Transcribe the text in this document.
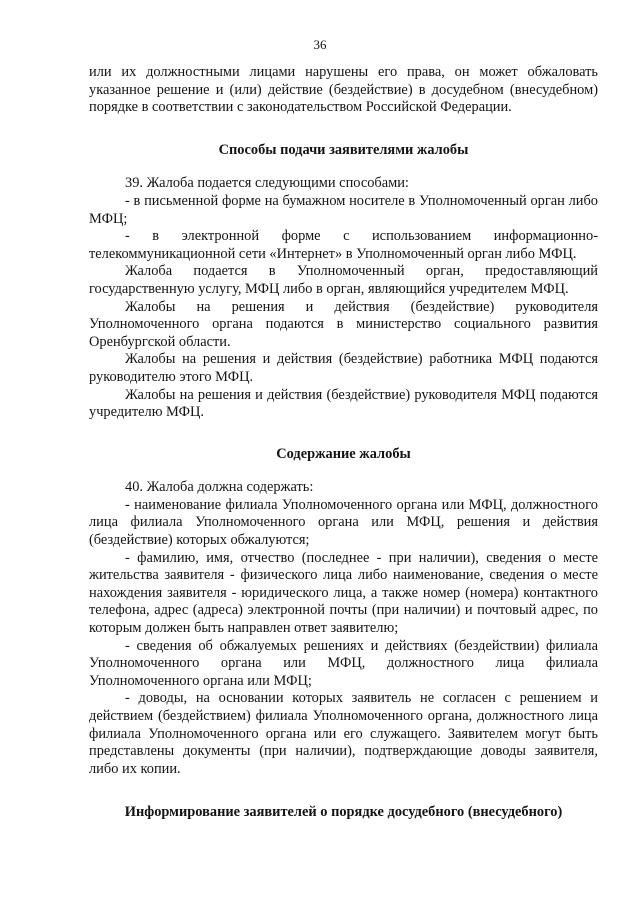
36

или их должностными лицами нарушены его права, он может обжаловать указанное решение и (или) действие (бездействие) в досудебном (внесудебном) порядке в соответствии с законодательством Российской Федерации.

Способы подачи заявителями жалобы

39. Жалоба подается следующими способами:

- в письменной форме на бумажном носителе в Уполномоченный орган либо МФЦ;

- в электронной форме с использованием информационно-телекоммуникационной сети «Интернет» в Уполномоченный орган либо МФЦ.

Жалоба подается в Уполномоченный орган, предоставляющий государственную услугу, МФЦ либо в орган, являющийся учредителем МФЦ.

Жалобы на решения и действия (бездействие) руководителя Уполномоченного органа подаются в министерство социального развития Оренбургской области.

Жалобы на решения и действия (бездействие) работника МФЦ подаются руководителю этого МФЦ.

Жалобы на решения и действия (бездействие) руководителя МФЦ подаются учредителю МФЦ.

Содержание жалобы

40. Жалоба должна содержать:

- наименование филиала Уполномоченного органа или МФЦ, должностного лица филиала Уполномоченного органа или МФЦ, решения и действия (бездействие) которых обжалуются;

- фамилию, имя, отчество (последнее - при наличии), сведения о месте жительства заявителя - физического лица либо наименование, сведения о месте нахождения заявителя - юридического лица, а также номер (номера) контактного телефона, адрес (адреса) электронной почты (при наличии) и почтовый адрес, по которым должен быть направлен ответ заявителю;

- сведения об обжалуемых решениях и действиях (бездействии) филиала Уполномоченного органа или МФЦ, должностного лица филиала Уполномоченного органа или МФЦ;

- доводы, на основании которых заявитель не согласен с решением и действием (бездействием) филиала Уполномоченного органа, должностного лица филиала Уполномоченного органа или его служащего. Заявителем могут быть представлены документы (при наличии), подтверждающие доводы заявителя, либо их копии.

Информирование заявителей о порядке досудебного (внесудебного)
